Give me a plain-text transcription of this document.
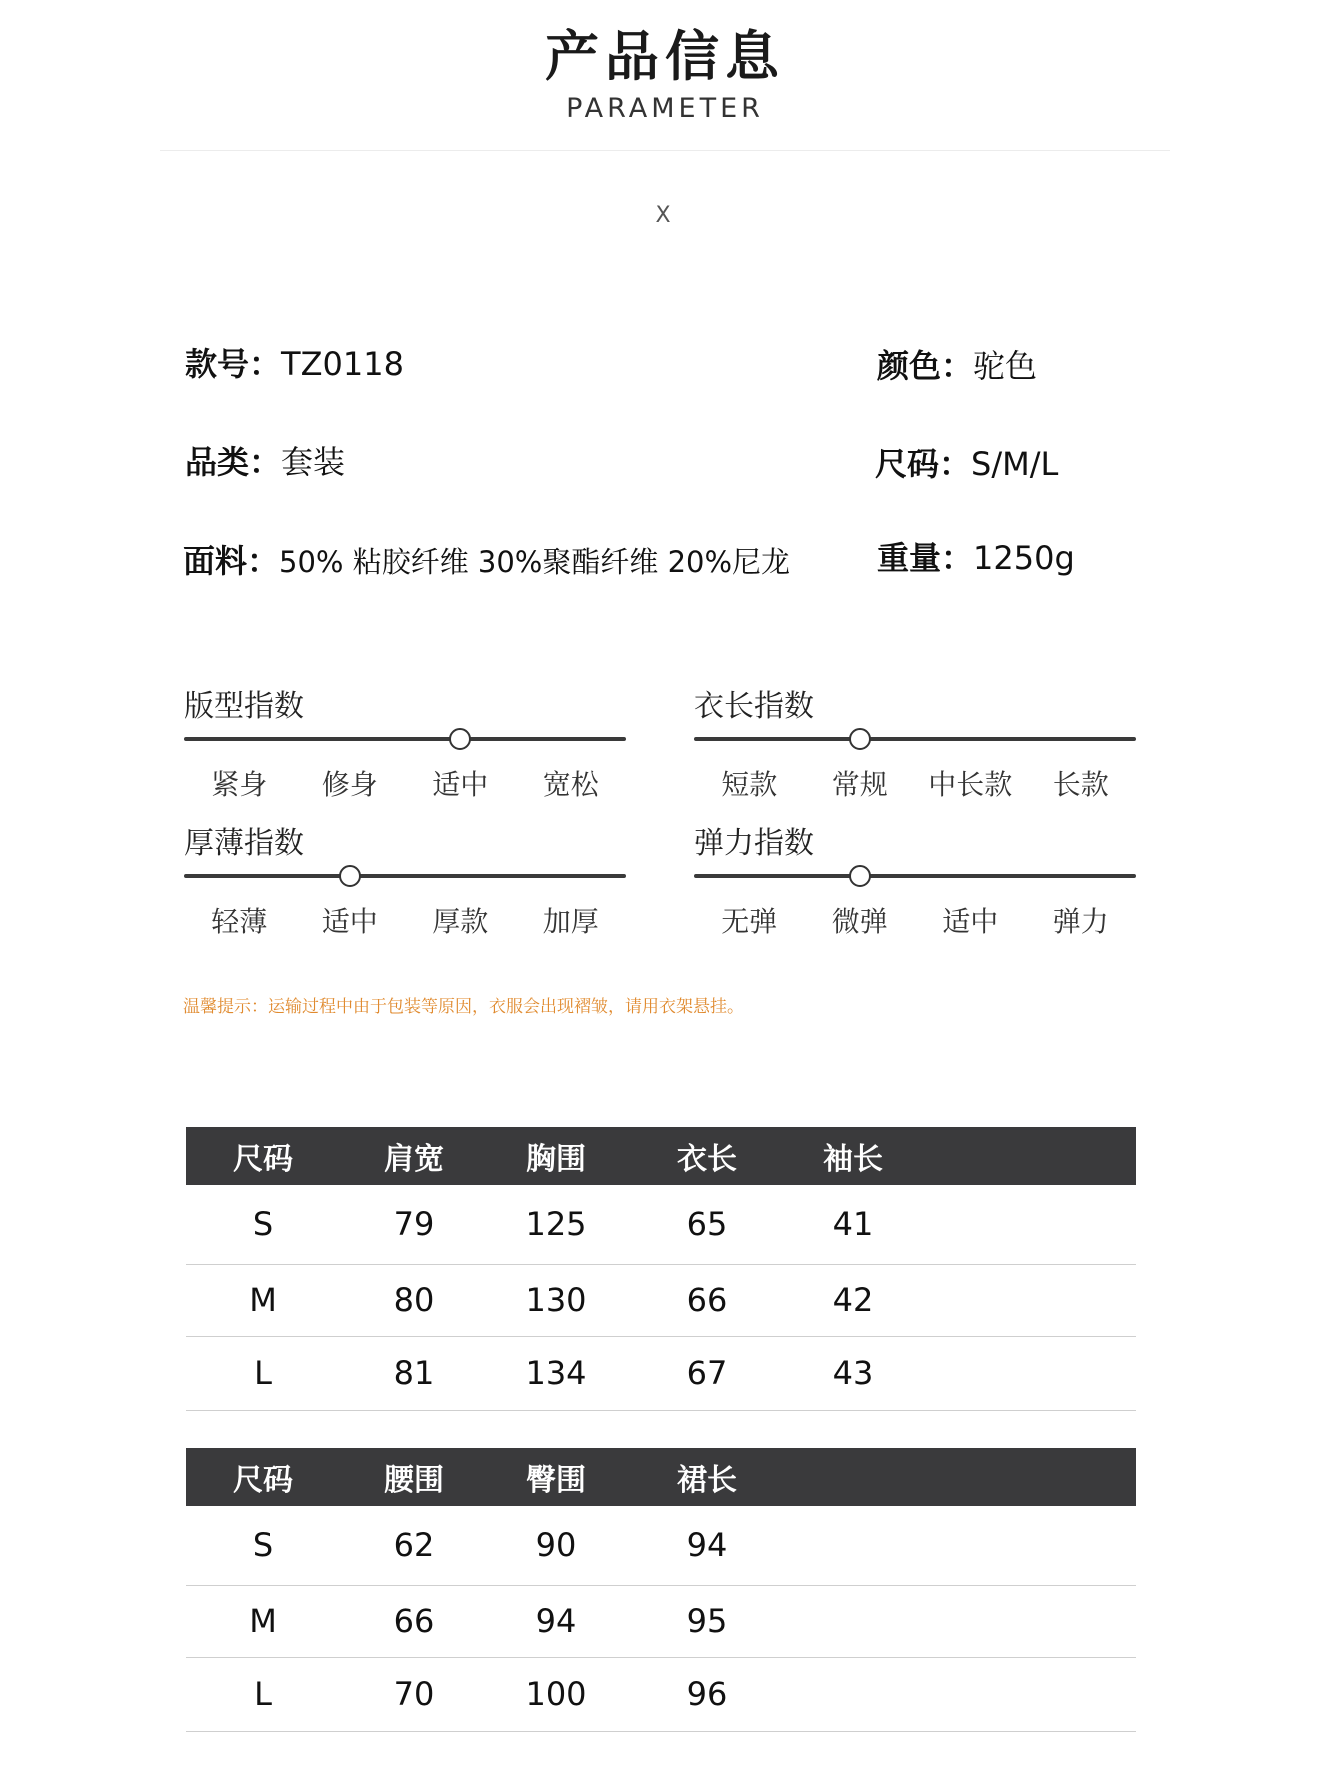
产品信息
PARAMETER
X
款号：TZ0118	颜色：驼色
品类：套装	尺码：S/M/L
面料：50% 粘胶纤维 30%聚酯纤维 20%尼龙	重量：1250g
版型指数
紧身	修身	适中	宽松
衣长指数
短款	常规	中长款	长款
厚薄指数
轻薄	适中	厚款	加厚
弹力指数
无弹	微弹	适中	弹力
温馨提示：运输过程中由于包装等原因，衣服会出现褶皱，请用衣架悬挂。
尺码	肩宽	胸围	衣长	袖长	
S	79	125	65	41	
M	80	130	66	42	
L	81	134	67	43	
尺码	腰围	臀围	裙长		
S	62	90	94		
M	66	94	95		
L	70	100	96		
